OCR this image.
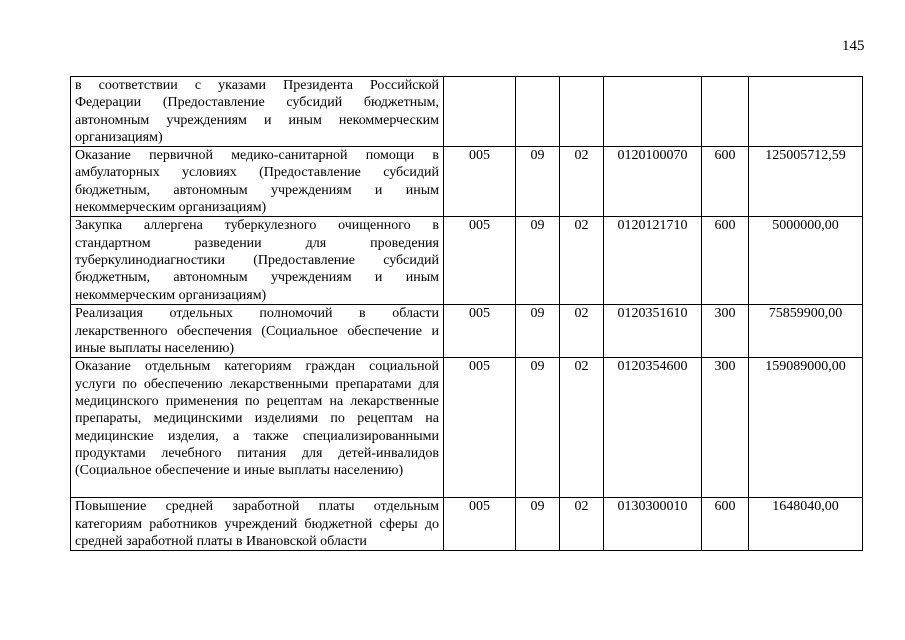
145
в соответствии с указами Президента Российской Федерации (Предоставление субсидий бюджетным, автономным учреждениям и иным некоммерческим организациям)						
Оказание первичной медико-санитарной помощи в амбулаторных условиях (Предоставление субсидий бюджетным, автономным учреждениям и иным некоммерческим организациям)	005	09	02	0120100070	600	125005712,59
Закупка аллергена туберкулезного очищенного в стандартном разведении для проведения туберкулинодиагностики (Предоставление субсидий бюджетным, автономным учреждениям и иным некоммерческим организациям)	005	09	02	0120121710	600	5000000,00
Реализация отдельных полномочий в области лекарственного обеспечения (Социальное обеспечение и иные выплаты населению)	005	09	02	0120351610	300	75859900,00
Оказание отдельным категориям граждан социальной услуги по обеспечению лекарственными препаратами для медицинского применения по рецептам на лекарственные препараты, медицинскими изделиями по рецептам на медицинские изделия, а также специализированными продуктами лечебного питания для детей-инвалидов (Социальное обеспечение и иные выплаты населению)	005	09	02	0120354600	300	159089000,00
Повышение средней заработной платы отдельным категориям работников учреждений бюджетной сферы до средней заработной платы в Ивановской области	005	09	02	0130300010	600	1648040,00
